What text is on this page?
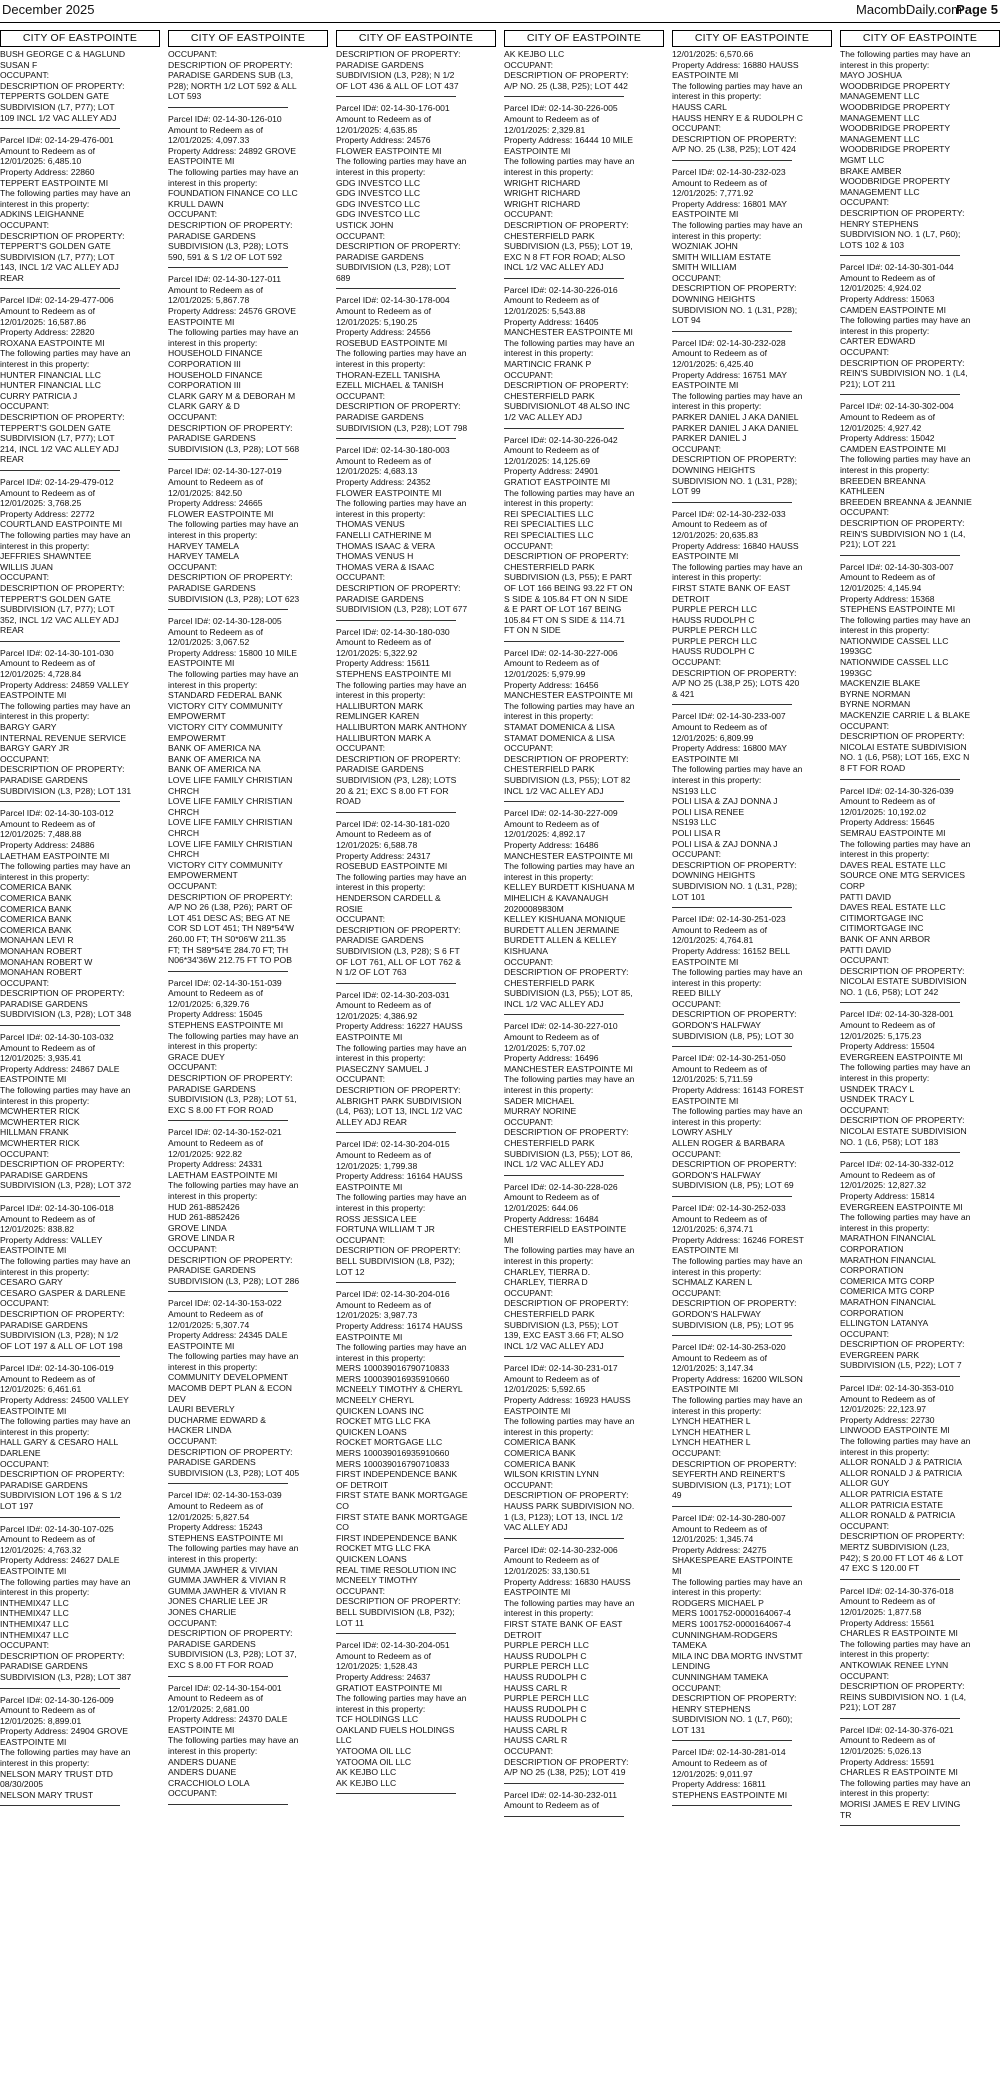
December 2025	MacombDaily.com
Page 5
CITY OF EASTPOINTE
BUSH GEORGE C & HAGLUND
SUSAN F
OCCUPANT:
DESCRIPTION OF PROPERTY:
TEPPERTS GOLDEN GATE
SUBDIVISION (L7, P77); LOT
109 INCL 1/2 VAC ALLEY ADJ
Parcel ID#: 02-14-29-476-001
Amount to Redeem as of
12/01/2025: 6,485.10
Property Address: 22860
TEPPERT EASTPOINTE MI
The following parties may have an
interest in this property:
ADKINS LEIGHANNE
OCCUPANT:
DESCRIPTION OF PROPERTY:
TEPPERT'S GOLDEN GATE
SUBDIVISION (L7, P77); LOT
143, INCL 1/2 VAC ALLEY ADJ
REAR
Parcel ID#: 02-14-29-477-006
Amount to Redeem as of
12/01/2025: 16,587.86
Property Address: 22820
ROXANA EASTPOINTE MI
The following parties may have an
interest in this property:
HUNTER FINANCIAL LLC
HUNTER FINANCIAL LLC
CURRY PATRICIA J
OCCUPANT:
DESCRIPTION OF PROPERTY:
TEPPERT'S GOLDEN GATE
SUBDIVISION (L7, P77); LOT
214, INCL 1/2 VAC ALLEY ADJ
REAR
Parcel ID#: 02-14-29-479-012
Amount to Redeem as of
12/01/2025: 3,768.25
Property Address: 22772
COURTLAND EASTPOINTE MI
The following parties may have an
interest in this property:
JEFFRIES SHAWNTEE
WILLIS JUAN
OCCUPANT:
DESCRIPTION OF PROPERTY:
TEPPERT'S GOLDEN GATE
SUBDIVISION (L7, P77); LOT
352, INCL 1/2 VAC ALLEY ADJ
REAR
Parcel ID#: 02-14-30-101-030
Amount to Redeem as of
12/01/2025: 4,728.84
Property Address: 24859 VALLEY
EASTPOINTE MI
The following parties may have an
interest in this property:
BARGY GARY
INTERNAL REVENUE SERVICE
BARGY GARY JR
OCCUPANT:
DESCRIPTION OF PROPERTY:
PARADISE GARDENS
SUBDIVISION (L3, P28); LOT 131
Parcel ID#: 02-14-30-103-012
Amount to Redeem as of
12/01/2025: 7,488.88
Property Address: 24886
LAETHAM EASTPOINTE MI
The following parties may have an
interest in this property:
COMERICA BANK
COMERICA BANK
COMERICA BANK
COMERICA BANK
COMERICA BANK
MONAHAN LEVI R
MONAHAN ROBERT
MONAHAN ROBERT W
MONAHAN ROBERT
OCCUPANT:
DESCRIPTION OF PROPERTY:
PARADISE GARDENS
SUBDIVISION (L3, P28); LOT 348
Parcel ID#: 02-14-30-103-032
Amount to Redeem as of
12/01/2025: 3,935.41
Property Address: 24867 DALE
EASTPOINTE MI
The following parties may have an
interest in this property:
MCWHERTER RICK
MCWHERTER RICK
HILLMAN FRANK
MCWHERTER RICK
OCCUPANT:
DESCRIPTION OF PROPERTY:
PARADISE GARDENS
SUBDIVISION (L3, P28); LOT 372
Parcel ID#: 02-14-30-106-018
Amount to Redeem as of
12/01/2025: 838.82
Property Address: VALLEY
EASTPOINTE MI
The following parties may have an
interest in this property:
CESARO GARY
CESARO GASPER & DARLENE
OCCUPANT:
DESCRIPTION OF PROPERTY:
PARADISE GARDENS
SUBDIVISION (L3, P28); N 1/2
OF LOT 197 & ALL OF LOT 198
Parcel ID#: 02-14-30-106-019
Amount to Redeem as of
12/01/2025: 6,461.61
Property Address: 24500 VALLEY
EASTPOINTE MI
The following parties may have an
interest in this property:
HALL GARY & CESARO HALL
DARLENE
OCCUPANT:
DESCRIPTION OF PROPERTY:
PARADISE GARDENS
SUBDIVISION LOT 196 & S 1/2
LOT 197
Parcel ID#: 02-14-30-107-025
Amount to Redeem as of
12/01/2025: 4,763.32
Property Address: 24627 DALE
EASTPOINTE MI
The following parties may have an
interest in this property:
INTHEMIX47 LLC
INTHEMIX47 LLC
INTHEMIX47 LLC
INTHEMIX47 LLC
OCCUPANT:
DESCRIPTION OF PROPERTY:
PARADISE GARDENS
SUBDIVISION (L3, P28); LOT 387
Parcel ID#: 02-14-30-126-009
Amount to Redeem as of
12/01/2025: 8,899.01
Property Address: 24904 GROVE
EASTPOINTE MI
The following parties may have an
interest in this property:
NELSON MARY TRUST DTD
08/30/2005
NELSON MARY TRUST
CITY OF EASTPOINTE
OCCUPANT:
DESCRIPTION OF PROPERTY:
PARADISE GARDENS SUB (L3,
P28); NORTH 1/2 LOT 592 & ALL
LOT 593
Parcel ID#: 02-14-30-126-010
Amount to Redeem as of
12/01/2025: 4,097.33
Property Address: 24892 GROVE
EASTPOINTE MI
The following parties may have an
interest in this property:
FOUNDATION FINANCE CO LLC
KRULL DAWN
OCCUPANT:
DESCRIPTION OF PROPERTY:
PARADISE GARDENS
SUBDIVISION (L3, P28); LOTS
590, 591 & S 1/2 OF LOT 592
Parcel ID#: 02-14-30-127-011
Amount to Redeem as of
12/01/2025: 5,867.78
Property Address: 24576 GROVE
EASTPOINTE MI
The following parties may have an
interest in this property:
HOUSEHOLD FINANCE
CORPORATION III
HOUSEHOLD FINANCE
CORPORATION III
CLARK GARY M & DEBORAH M
CLARK GARY & D
OCCUPANT:
DESCRIPTION OF PROPERTY:
PARADISE GARDENS
SUBDIVISION (L3, P28); LOT 568
Parcel ID#: 02-14-30-127-019
Amount to Redeem as of
12/01/2025: 842.50
Property Address: 24665
FLOWER EASTPOINTE MI
The following parties may have an
interest in this property:
HARVEY TAMELA
HARVEY TAMELA
OCCUPANT:
DESCRIPTION OF PROPERTY:
PARADISE GARDENS
SUBDIVISION (L3, P28); LOT 623
Parcel ID#: 02-14-30-128-005
Amount to Redeem as of
12/01/2025: 3,067.52
Property Address: 15800 10 MILE
EASTPOINTE MI
The following parties may have an
interest in this property:
STANDARD FEDERAL BANK
VICTORY CITY COMMUNITY
EMPOWERMT
VICTORY CITY COMMUNITY
EMPOWERMT
BANK OF AMERICA NA
BANK OF AMERICA NA
BANK OF AMERICA NA
LOVE LIFE FAMILY CHRISTIAN
CHRCH
LOVE LIFE FAMILY CHRISTIAN
CHRCH
LOVE LIFE FAMILY CHRISTIAN
CHRCH
LOVE LIFE FAMILY CHRISTIAN
CHRCH
VICTORY CITY COMMUNITY
EMPOWERMENT
OCCUPANT:
DESCRIPTION OF PROPERTY:
A/P NO 26 (L38, P26); PART OF
LOT 451 DESC AS; BEG AT NE
COR SD LOT 451; TH N89*54'W
260.00 FT; TH S0*06'W 211.35
FT; TH S89*54'E 284.70 FT; TH
N06*34'36W 212.75 FT TO POB
Parcel ID#: 02-14-30-151-039
Amount to Redeem as of
12/01/2025: 6,329.76
Property Address: 15045
STEPHENS EASTPOINTE MI
The following parties may have an
interest in this property:
GRACE DUEY
OCCUPANT:
DESCRIPTION OF PROPERTY:
PARADISE GARDENS
SUBDIVISION (L3, P28); LOT 51,
EXC S 8.00 FT FOR ROAD
Parcel ID#: 02-14-30-152-021
Amount to Redeem as of
12/01/2025: 922.82
Property Address: 24331
LAETHAM EASTPOINTE MI
The following parties may have an
interest in this property:
HUD 261-8852426
HUD 261-8852426
GROVE LINDA
GROVE LINDA R
OCCUPANT:
DESCRIPTION OF PROPERTY:
PARADISE GARDENS
SUBDIVISION (L3, P28); LOT 286
Parcel ID#: 02-14-30-153-022
Amount to Redeem as of
12/01/2025: 5,307.74
Property Address: 24345 DALE
EASTPOINTE MI
The following parties may have an
interest in this property:
COMMUNITY DEVELOPMENT
MACOMB DEPT PLAN & ECON
DEV
LAURI BEVERLY
DUCHARME EDWARD &
HACKER LINDA
OCCUPANT:
DESCRIPTION OF PROPERTY:
PARADISE GARDENS
SUBDIVISION (L3, P28); LOT 405
Parcel ID#: 02-14-30-153-039
Amount to Redeem as of
12/01/2025: 5,827.54
Property Address: 15243
STEPHENS EASTPOINTE MI
The following parties may have an
interest in this property:
GUMMA JAWHER & VIVIAN
GUMMA JAWHER & VIVIAN R
GUMMA JAWHER & VIVIAN R
JONES CHARLIE LEE JR
JONES CHARLIE
OCCUPANT:
DESCRIPTION OF PROPERTY:
PARADISE GARDENS
SUBDIVISION (L3, P28); LOT 37,
EXC S 8.00 FT FOR ROAD
Parcel ID#: 02-14-30-154-001
Amount to Redeem as of
12/01/2025: 2,681.00
Property Address: 24370 DALE
EASTPOINTE MI
The following parties may have an
interest in this property:
ANDERS DUANE
ANDERS DUANE
CRACCHIOLO LOLA
OCCUPANT:
CITY OF EASTPOINTE
DESCRIPTION OF PROPERTY:
PARADISE GARDENS
SUBDIVISION (L3, P28); N 1/2
OF LOT 436 & ALL OF LOT 437
Parcel ID#: 02-14-30-176-001
Amount to Redeem as of
12/01/2025: 4,635.85
Property Address: 24576
FLOWER EASTPOINTE MI
The following parties may have an
interest in this property:
GDG INVESTCO LLC
GDG INVESTCO LLC
GDG INVESTCO LLC
GDG INVESTCO LLC
USTICK JOHN
OCCUPANT:
DESCRIPTION OF PROPERTY:
PARADISE GARDENS
SUBDIVISION (L3, P28); LOT
689
Parcel ID#: 02-14-30-178-004
Amount to Redeem as of
12/01/2025: 5,190.25
Property Address: 24556
ROSEBUD EASTPOINTE MI
The following parties may have an
interest in this property:
THORAN-EZELL TANISHA
EZELL MICHAEL & TANISH
OCCUPANT:
DESCRIPTION OF PROPERTY:
PARADISE GARDENS
SUBDIVISION (L3, P28); LOT 798
Parcel ID#: 02-14-30-180-003
Amount to Redeem as of
12/01/2025: 4,683.13
Property Address: 24352
FLOWER EASTPOINTE MI
The following parties may have an
interest in this property:
THOMAS VENUS
FANELLI CATHERINE M
THOMAS ISAAC & VERA
THOMAS VENUS H
THOMAS VERA & ISAAC
OCCUPANT:
DESCRIPTION OF PROPERTY:
PARADISE GARDENS
SUBDIVISION (L3, P28); LOT 677
Parcel ID#: 02-14-30-180-030
Amount to Redeem as of
12/01/2025: 5,322.92
Property Address: 15611
STEPHENS EASTPOINTE MI
The following parties may have an
interest in this property:
HALLIBURTON MARK
REMLINGER KAREN
HALLIBURTON MARK ANTHONY
HALLIBURTON MARK A
OCCUPANT:
DESCRIPTION OF PROPERTY:
PARADISE GARDENS
SUBDIVISION (P3, L28); LOTS
20 & 21; EXC S 8.00 FT FOR
ROAD
Parcel ID#: 02-14-30-181-020
Amount to Redeem as of
12/01/2025: 6,588.78
Property Address: 24317
ROSEBUD EASTPOINTE MI
The following parties may have an
interest in this property:
HENDERSON CARDELL &
ROSIE
OCCUPANT:
DESCRIPTION OF PROPERTY:
PARADISE GARDENS
SUBDIVISION (L3, P28); S 6 FT
OF LOT 761, ALL OF LOT 762 &
N 1/2 OF LOT 763
Parcel ID#: 02-14-30-203-031
Amount to Redeem as of
12/01/2025: 4,386.92
Property Address: 16227 HAUSS
EASTPOINTE MI
The following parties may have an
interest in this property:
PIASECZNY SAMUEL J
OCCUPANT:
DESCRIPTION OF PROPERTY:
ALBRIGHT PARK SUBDIVISION
(L4, P63); LOT 13, INCL 1/2 VAC
ALLEY ADJ REAR
Parcel ID#: 02-14-30-204-015
Amount to Redeem as of
12/01/2025: 1,799.38
Property Address: 16164 HAUSS
EASTPOINTE MI
The following parties may have an
interest in this property:
ROSS JESSICA LEE
FORTUNA WILLIAM T JR
OCCUPANT:
DESCRIPTION OF PROPERTY:
BELL SUBDIVISION (L8, P32);
LOT 12
Parcel ID#: 02-14-30-204-016
Amount to Redeem as of
12/01/2025: 3,987.73
Property Address: 16174 HAUSS
EASTPOINTE MI
The following parties may have an
interest in this property:
MERS 100039016790710833
MERS 100039016935910660
MCNEELY TIMOTHY & CHERYL
MCNEELY CHERYL
QUICKEN LOANS INC
ROCKET MTG LLC FKA
QUICKEN LOANS
ROCKET MORTGAGE LLC
MERS 100039016935910660
MERS 100039016790710833
FIRST INDEPENDENCE BANK
OF DETROIT
FIRST STATE BANK MORTGAGE
CO
FIRST STATE BANK MORTGAGE
CO
FIRST INDEPENDENCE BANK
ROCKET MTG LLC FKA
QUICKEN LOANS
REAL TIME RESOLUTION INC
MCNEELY TIMOTHY
OCCUPANT:
DESCRIPTION OF PROPERTY:
BELL SUBDIVISION (L8, P32);
LOT 11
Parcel ID#: 02-14-30-204-051
Amount to Redeem as of
12/01/2025: 1,528.43
Property Address: 24637
GRATIOT EASTPOINTE MI
The following parties may have an
interest in this property:
TCF HOLDINGS LLC
OAKLAND FUELS HOLDINGS
LLC
YATOOMA OIL LLC
YATOOMA OIL LLC
AK KEJBO LLC
AK KEJBO LLC
CITY OF EASTPOINTE
AK KEJBO LLC
OCCUPANT:
DESCRIPTION OF PROPERTY:
A/P NO. 25 (L38, P25); LOT 442
Parcel ID#: 02-14-30-226-005
Amount to Redeem as of
12/01/2025: 2,329.81
Property Address: 16444 10 MILE
EASTPOINTE MI
The following parties may have an
interest in this property:
WRIGHT RICHARD
WRIGHT RICHARD
WRIGHT RICHARD
OCCUPANT:
DESCRIPTION OF PROPERTY:
CHESTERFIELD PARK
SUBDIVISION (L3, P55); LOT 19,
EXC N 8 FT FOR ROAD; ALSO
INCL 1/2 VAC ALLEY ADJ
Parcel ID#: 02-14-30-226-016
Amount to Redeem as of
12/01/2025: 5,543.88
Property Address: 16405
MANCHESTER EASTPOINTE MI
The following parties may have an
interest in this property:
MARTINCIC FRANK P
OCCUPANT:
DESCRIPTION OF PROPERTY:
CHESTERFIELD PARK
SUBDIVISIONLOT 48 ALSO INC
1/2 VAC ALLEY ADJ
Parcel ID#: 02-14-30-226-042
Amount to Redeem as of
12/01/2025: 14,125.69
Property Address: 24901
GRATIOT EASTPOINTE MI
The following parties may have an
interest in this property:
REI SPECIALTIES LLC
REI SPECIALTIES LLC
REI SPECIALTIES LLC
OCCUPANT:
DESCRIPTION OF PROPERTY:
CHESTERFIELD PARK
SUBDIVISION (L3, P55); E PART
OF LOT 166 BEING 93.22 FT ON
S SIDE & 105.84 FT ON N SIDE
& E PART OF LOT 167 BEING
105.84 FT ON S SIDE & 114.71
FT ON N SIDE
Parcel ID#: 02-14-30-227-006
Amount to Redeem as of
12/01/2025: 5,979.99
Property Address: 16456
MANCHESTER EASTPOINTE MI
The following parties may have an
interest in this property:
STAMAT DOMENICA & LISA
STAMAT DOMENICA & LISA
OCCUPANT:
DESCRIPTION OF PROPERTY:
CHESTERFIELD PARK
SUBDIVISION (L3, P55); LOT 82
INCL 1/2 VAC ALLEY ADJ
Parcel ID#: 02-14-30-227-009
Amount to Redeem as of
12/01/2025: 4,892.17
Property Address: 16486
MANCHESTER EASTPOINTE MI
The following parties may have an
interest in this property:
KELLEY BURDETT KISHUANA M
MIHELICH & KAVANAUGH
20200089830M
KELLEY KISHUANA MONIQUE
BURDETT ALLEN JERMAINE
BURDETT ALLEN & KELLEY
KISHUANA
OCCUPANT:
DESCRIPTION OF PROPERTY:
CHESTERFIELD PARK
SUBDIVISION (L3, P55); LOT 85,
INCL 1/2 VAC ALLEY ADJ
Parcel ID#: 02-14-30-227-010
Amount to Redeem as of
12/01/2025: 5,707.02
Property Address: 16496
MANCHESTER EASTPOINTE MI
The following parties may have an
interest in this property:
SADER MICHAEL
MURRAY NORINE
OCCUPANT:
DESCRIPTION OF PROPERTY:
CHESTERFIELD PARK
SUBDIVISION (L3, P55); LOT 86,
INCL 1/2 VAC ALLEY ADJ
Parcel ID#: 02-14-30-228-026
Amount to Redeem as of
12/01/2025: 644.06
Property Address: 16484
CHESTERFIELD EASTPOINTE
MI
The following parties may have an
interest in this property:
CHARLEY, TIERRA D.
CHARLEY, TIERRA D
OCCUPANT:
DESCRIPTION OF PROPERTY:
CHESTERFIELD PARK
SUBDIVISION (L3, P55); LOT
139, EXC EAST 3.66 FT; ALSO
INCL 1/2 VAC ALLEY ADJ
Parcel ID#: 02-14-30-231-017
Amount to Redeem as of
12/01/2025: 5,592.65
Property Address: 16923 HAUSS
EASTPOINTE MI
The following parties may have an
interest in this property:
COMERICA BANK
COMERICA BANK
COMERICA BANK
WILSON KRISTIN LYNN
OCCUPANT:
DESCRIPTION OF PROPERTY:
HAUSS PARK SUBDIVISION NO.
1 (L3, P123); LOT 13, INCL 1/2
VAC ALLEY ADJ
Parcel ID#: 02-14-30-232-006
Amount to Redeem as of
12/01/2025: 33,130.51
Property Address: 16830 HAUSS
EASTPOINTE MI
The following parties may have an
interest in this property:
FIRST STATE BANK OF EAST
DETROIT
PURPLE PERCH LLC
HAUSS RUDOLPH C
PURPLE PERCH LLC
HAUSS RUDOLPH C
HAUSS CARL R
PURPLE PERCH LLC
HAUSS RUDOLPH C
HAUSS RUDOLPH C
HAUSS CARL R
HAUSS CARL R
OCCUPANT:
DESCRIPTION OF PROPERTY:
A/P NO 25 (L38, P25); LOT 419
Parcel ID#: 02-14-30-232-011
Amount to Redeem as of
CITY OF EASTPOINTE
12/01/2025: 6,570.66
Property Address: 16880 HAUSS
EASTPOINTE MI
The following parties may have an
interest in this property:
HAUSS CARL
HAUSS HENRY E & RUDOLPH C
OCCUPANT:
DESCRIPTION OF PROPERTY:
A/P NO. 25 (L38, P25); LOT 424
Parcel ID#: 02-14-30-232-023
Amount to Redeem as of
12/01/2025: 7,771.92
Property Address: 16801 MAY
EASTPOINTE MI
The following parties may have an
interest in this property:
WOZNIAK JOHN
SMITH WILLIAM ESTATE
SMITH WILLIAM
OCCUPANT:
DESCRIPTION OF PROPERTY:
DOWNING HEIGHTS
SUBDIVISION NO. 1 (L31, P28);
LOT 94
Parcel ID#: 02-14-30-232-028
Amount to Redeem as of
12/01/2025: 6,425.40
Property Address: 16751 MAY
EASTPOINTE MI
The following parties may have an
interest in this property:
PARKER DANIEL J AKA DANIEL
PARKER DANIEL J AKA DANIEL
PARKER DANIEL J
OCCUPANT:
DESCRIPTION OF PROPERTY:
DOWNING HEIGHTS
SUBDIVISION NO. 1 (L31, P28);
LOT 99
Parcel ID#: 02-14-30-232-033
Amount to Redeem as of
12/01/2025: 20,635.83
Property Address: 16840 HAUSS
EASTPOINTE MI
The following parties may have an
interest in this property:
FIRST STATE BANK OF EAST
DETROIT
PURPLE PERCH LLC
HAUSS RUDOLPH C
PURPLE PERCH LLC
PURPLE PERCH LLC
HAUSS RUDOLPH C
OCCUPANT:
DESCRIPTION OF PROPERTY:
A/P NO 25 (L38,P 25); LOTS 420
& 421
Parcel ID#: 02-14-30-233-007
Amount to Redeem as of
12/01/2025: 6,809.99
Property Address: 16800 MAY
EASTPOINTE MI
The following parties may have an
interest in this property:
NS193 LLC
POLI LISA & ZAJ DONNA J
POLI LISA RENEE
NS193 LLC
POLI LISA R
POLI LISA & ZAJ DONNA J
OCCUPANT:
DESCRIPTION OF PROPERTY:
DOWNING HEIGHTS
SUBDIVISION NO. 1 (L31, P28);
LOT 101
Parcel ID#: 02-14-30-251-023
Amount to Redeem as of
12/01/2025: 4,764.81
Property Address: 16152 BELL
EASTPOINTE MI
The following parties may have an
interest in this property:
REED BILLY
OCCUPANT:
DESCRIPTION OF PROPERTY:
GORDON'S HALFWAY
SUBDIVISION (L8, P5); LOT 30
Parcel ID#: 02-14-30-251-050
Amount to Redeem as of
12/01/2025: 5,711.59
Property Address: 16143 FOREST
EASTPOINTE MI
The following parties may have an
interest in this property:
LOWRY ASHLY
ALLEN ROGER & BARBARA
OCCUPANT:
DESCRIPTION OF PROPERTY:
GORDON'S HALFWAY
SUBDIVISION (L8, P5); LOT 69
Parcel ID#: 02-14-30-252-033
Amount to Redeem as of
12/01/2025: 6,374.71
Property Address: 16246 FOREST
EASTPOINTE MI
The following parties may have an
interest in this property:
SCHMALZ KAREN L
OCCUPANT:
DESCRIPTION OF PROPERTY:
GORDON'S HALFWAY
SUBDIVISION (L8, P5); LOT 95
Parcel ID#: 02-14-30-253-020
Amount to Redeem as of
12/01/2025: 3,147.34
Property Address: 16200 WILSON
EASTPOINTE MI
The following parties may have an
interest in this property:
LYNCH HEATHER L
LYNCH HEATHER L
LYNCH HEATHER L
OCCUPANT:
DESCRIPTION OF PROPERTY:
SEYFERTH AND REINERT'S
SUBDIVISION (L3, P171); LOT
49
Parcel ID#: 02-14-30-280-007
Amount to Redeem as of
12/01/2025: 1,345.74
Property Address: 24275
SHAKESPEARE EASTPOINTE
MI
The following parties may have an
interest in this property:
RODGERS MICHAEL P
MERS 1001752-0000164067-4
MERS 1001752-0000164067-4
CUNNINGHAM-RODGERS
TAMEKA
MILA INC DBA MORTG INVSTMT
LENDING
CUNNINGHAM TAMEKA
OCCUPANT:
DESCRIPTION OF PROPERTY:
HENRY STEPHENS
SUBDIVISION NO. 1 (L7, P60);
LOT 131
Parcel ID#: 02-14-30-281-014
Amount to Redeem as of
12/01/2025: 9,011.97
Property Address: 16811
STEPHENS EASTPOINTE MI
CITY OF EASTPOINTE
The following parties may have an
interest in this property:
MAYO JOSHUA
WOODBRIDGE PROPERTY
MANAGEMENT LLC
WOODBRIDGE PROPERTY
MANAGEMENT LLC
WOODBRIDGE PROPERTY
MANAGEMENT LLC
WOODBRIDGE PROPERTY
MGMT LLC
BRAKE AMBER
WOODBRIDGE PROPERTY
MANAGEMENT LLC
OCCUPANT:
DESCRIPTION OF PROPERTY:
HENRY STEPHENS
SUBDIVISION NO. 1 (L7, P60);
LOTS 102 & 103
Parcel ID#: 02-14-30-301-044
Amount to Redeem as of
12/01/2025: 4,924.02
Property Address: 15063
CAMDEN EASTPOINTE MI
The following parties may have an
interest in this property:
CARTER EDWARD
OCCUPANT:
DESCRIPTION OF PROPERTY:
REIN'S SUBDIVISION NO. 1 (L4,
P21); LOT 211
Parcel ID#: 02-14-30-302-004
Amount to Redeem as of
12/01/2025: 4,927.42
Property Address: 15042
CAMDEN EASTPOINTE MI
The following parties may have an
interest in this property:
BREEDEN BREANNA
KATHLEEN
BREEDEN BREANNA & JEANNIE
OCCUPANT:
DESCRIPTION OF PROPERTY:
REIN'S SUBDIVISION NO 1 (L4,
P21); LOT 221
Parcel ID#: 02-14-30-303-007
Amount to Redeem as of
12/01/2025: 4,145.94
Property Address: 15368
STEPHENS EASTPOINTE MI
The following parties may have an
interest in this property:
NATIONWIDE CASSEL LLC
1993GC
NATIONWIDE CASSEL LLC
1993GC
MACKENZIE BLAKE
BYRNE NORMAN
BYRNE NORMAN
MACKENZIE CARRIE L & BLAKE
OCCUPANT:
DESCRIPTION OF PROPERTY:
NICOLAI ESTATE SUBDIVISION
NO. 1 (L6, P58); LOT 165, EXC N
8 FT FOR ROAD
Parcel ID#: 02-14-30-326-039
Amount to Redeem as of
12/01/2025: 10,192.02
Property Address: 15645
SEMRAU EASTPOINTE MI
The following parties may have an
interest in this property:
DAVES REAL ESTATE LLC
SOURCE ONE MTG SERVICES
CORP
PATTI DAVID
DAVES REAL ESTATE LLC
CITIMORTGAGE INC
CITIMORTGAGE INC
BANK OF ANN ARBOR
PATTI DAVID
OCCUPANT:
DESCRIPTION OF PROPERTY:
NICOLAI ESTATE SUBDIVISION
NO. 1 (L6, P58); LOT 242
Parcel ID#: 02-14-30-328-001
Amount to Redeem as of
12/01/2025: 5,175.23
Property Address: 15504
EVERGREEN EASTPOINTE MI
The following parties may have an
interest in this property:
USNDEK TRACY L
USNDEK TRACY L
OCCUPANT:
DESCRIPTION OF PROPERTY:
NICOLAI ESTATE SUBDIVISION
NO. 1 (L6, P58); LOT 183
Parcel ID#: 02-14-30-332-012
Amount to Redeem as of
12/01/2025: 12,827.32
Property Address: 15814
EVERGREEN EASTPOINTE MI
The following parties may have an
interest in this property:
MARATHON FINANCIAL
CORPORATION
MARATHON FINANCIAL
CORPORATION
COMERICA MTG CORP
COMERICA MTG CORP
MARATHON FINANCIAL
CORPORATION
ELLINGTON LATANYA
OCCUPANT:
DESCRIPTION OF PROPERTY:
EVERGREEN PARK
SUBDIVISION (L5, P22); LOT 7
Parcel ID#: 02-14-30-353-010
Amount to Redeem as of
12/01/2025: 22,123.97
Property Address: 22730
LINWOOD EASTPOINTE MI
The following parties may have an
interest in this property:
ALLOR RONALD J & PATRICIA
ALLOR RONALD J & PATRICIA
ALLOR GUY
ALLOR PATRICIA ESTATE
ALLOR PATRICIA ESTATE
ALLOR RONALD & PATRICIA
OCCUPANT:
DESCRIPTION OF PROPERTY:
MERTZ SUBDIVISION (L23,
P42); S 20.00 FT LOT 46 & LOT
47 EXC S 120.00 FT
Parcel ID#: 02-14-30-376-018
Amount to Redeem as of
12/01/2025: 1,877.58
Property Address: 15561
CHARLES R EASTPOINTE MI
The following parties may have an
interest in this property:
ANTKOWIAK RENEE LYNN
OCCUPANT:
DESCRIPTION OF PROPERTY:
REINS SUBDIVISION NO. 1 (L4,
P21); LOT 287
Parcel ID#: 02-14-30-376-021
Amount to Redeem as of
12/01/2025: 5,026.13
Property Address: 15591
CHARLES R EASTPOINTE MI
The following parties may have an
interest in this property:
MORISI JAMES E REV LIVING
TR
